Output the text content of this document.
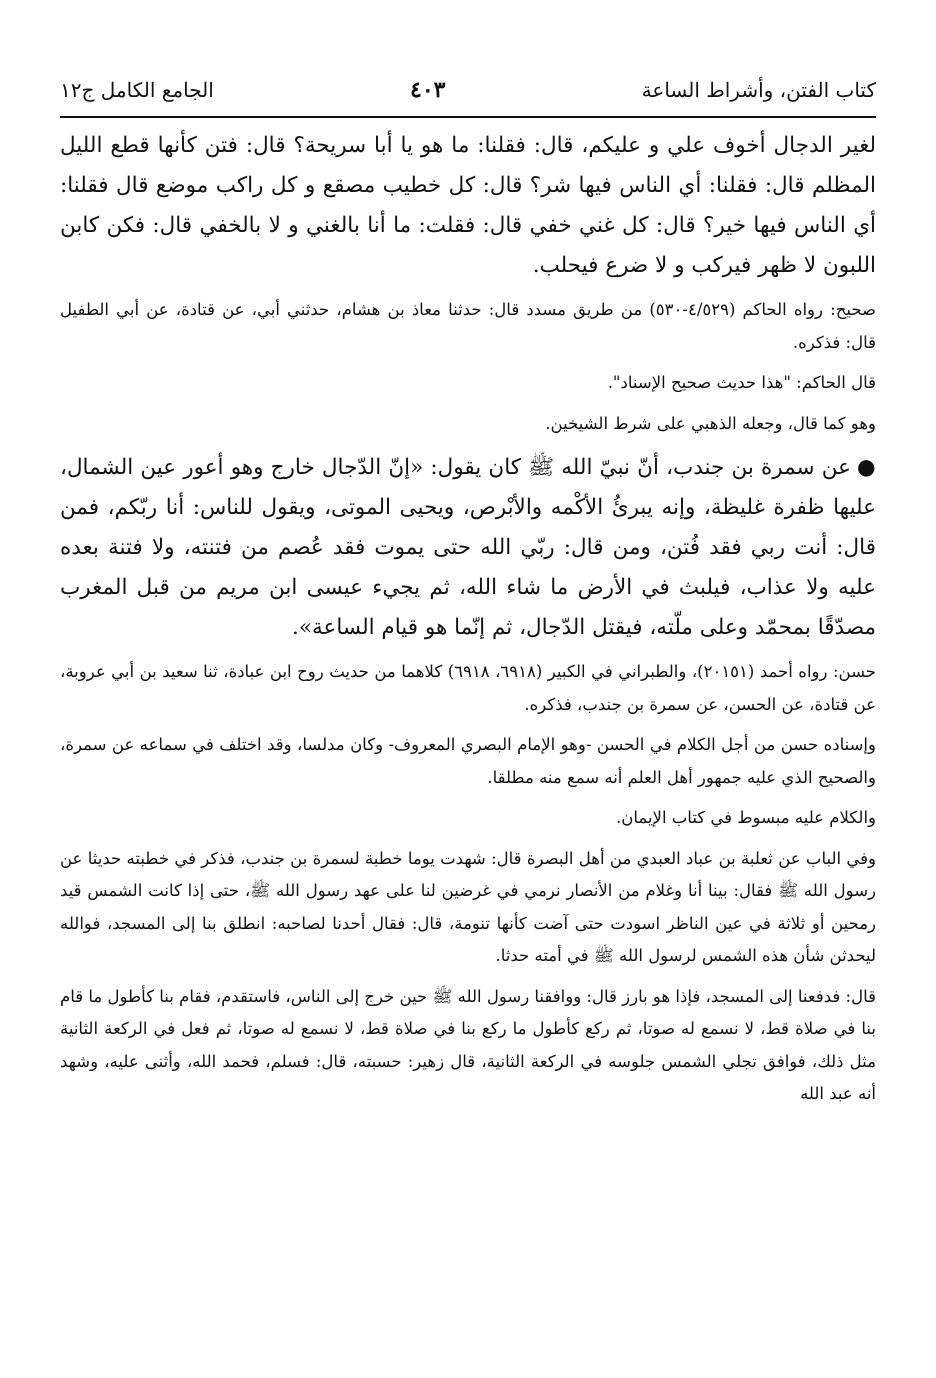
كتاب الفتن، وأشراط الساعة
٤٠٣
الجامع الكامل ج١٢

لغير الدجال أخوف علي و عليكم، قال: فقلنا: ما هو يا أبا سريحة؟ قال: فتن كأنها قطع الليل المظلم قال: فقلنا: أي الناس فيها شر؟ قال: كل خطيب مصقع و كل راكب موضع قال فقلنا: أي الناس فيها خير؟ قال: كل غني خفي قال: فقلت: ما أنا بالغني و لا بالخفي قال: فكن كابن اللبون لا ظهر فيركب و لا ضرع فيحلب.

صحيح: رواه الحاكم (٤/٥٢٩-٥٣٠) من طريق مسدد قال: حدثنا معاذ بن هشام، حدثني أبي، عن قتادة، عن أبي الطفيل قال: فذكره.

قال الحاكم: "هذا حديث صحيح الإسناد".

وهو كما قال، وجعله الذهبي على شرط الشيخين.

●عن سمرة بن جندب، أنّ نبيّ الله ﷺ كان يقول: «إنّ الدّجال خارج وهو أعور عين الشمال، عليها ظفرة غليظة، وإنه يبرئُ الأكْمه والأبْرص، ويحيى الموتى، ويقول للناس: أنا ربّكم، فمن قال: أنت ربي فقد فُتن، ومن قال: ربّي الله حتى يموت فقد عُصم من فتنته، ولا فتنة بعده عليه ولا عذاب، فيلبث في الأرض ما شاء الله، ثم يجيء عيسى ابن مريم من قبل المغرب مصدّقًا بمحمّد وعلى ملّته، فيقتل الدّجال، ثم إنّما هو قيام الساعة».

حسن: رواه أحمد (٢٠١٥١)، والطبراني في الكبير (٦٩١٨، ٦٩١٨) كلاهما من حديث روح ابن عبادة، ثنا سعيد بن أبي عروبة، عن قتادة، عن الحسن، عن سمرة بن جندب، فذكره.

وإسناده حسن من أجل الكلام في الحسن -وهو الإمام البصري المعروف- وكان مدلسا، وقد اختلف في سماعه عن سمرة، والصحيح الذي عليه جمهور أهل العلم أنه سمع منه مطلقا.

والكلام عليه مبسوط في كتاب الإيمان.

وفي الباب عن ثعلبة بن عباد العبدي من أهل البصرة قال: شهدت يوما خطبة لسمرة بن جندب، فذكر في خطبته حديثا عن رسول الله ﷺ فقال: بينا أنا وغلام من الأنصار نرمي في غرضين لنا على عهد رسول الله ﷺ، حتى إذا كانت الشمس قيد رمحين أو ثلاثة في عين الناظر اسودت حتى آضت كأنها تنومة، قال: فقال أحدنا لصاحبه: انطلق بنا إلى المسجد، فوالله ليحدثن شأن هذه الشمس لرسول الله ﷺ في أمته حدثا.

قال: فدفعنا إلى المسجد، فإذا هو بارز قال: ووافقنا رسول الله ﷺ حين خرج إلى الناس، فاستقدم، فقام بنا كأطول ما قام بنا في صلاة قط، لا نسمع له صوتا، ثم ركع كأطول ما ركع بنا في صلاة قط، لا نسمع له صوتا، ثم فعل في الركعة الثانية مثل ذلك، فوافق تجلي الشمس جلوسه في الركعة الثانية، قال زهير: حسبته، قال: فسلم، فحمد الله، وأثنى عليه، وشهد أنه عبد الله
